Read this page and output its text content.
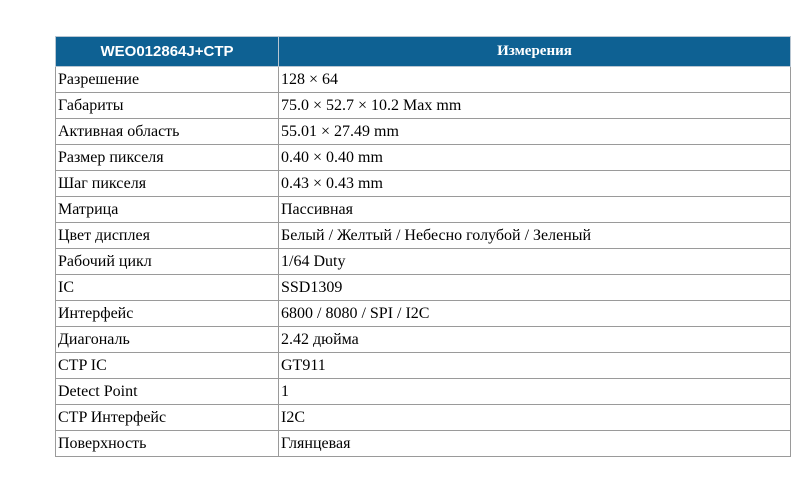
WEO012864J+CTP	Измерения
Разрешение	128 × 64
Габариты	75.0 × 52.7 × 10.2 Max mm
Активная область	55.01 × 27.49 mm
Размер пикселя	0.40 × 0.40 mm
Шаг пикселя	0.43 × 0.43 mm
Матрица	Пассивная
Цвет дисплея	Белый / Желтый / Небесно голубой / Зеленый
Рабочий цикл	1/64 Duty
IC	SSD1309
Интерфейс	6800 / 8080 / SPI / I2C
Диагональ	2.42 дюйма
CTP IC	GT911
Detect Point	1
CTP Интерфейс	I2C
Поверхность	Глянцевая
